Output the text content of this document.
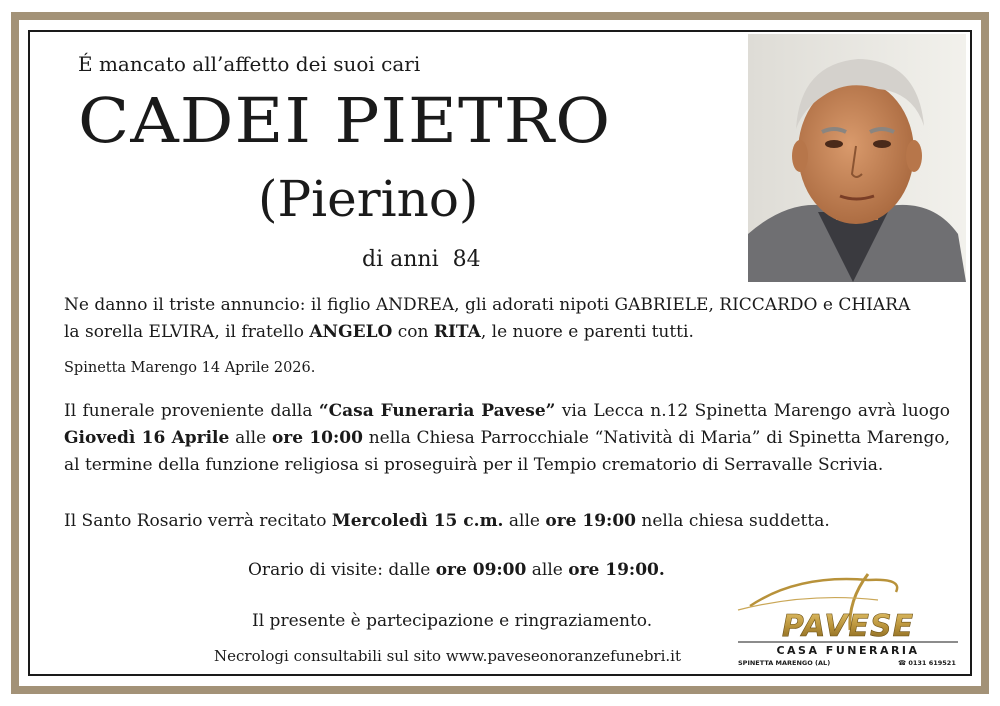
É mancato all’affetto dei suoi cari
CADEI PIETRO
(Pierino)
di anni 84
Ne danno il triste annuncio: il figlio ANDREA, gli adorati nipoti GABRIELE, RICCARDO e CHIARA
la sorella ELVIRA, il fratello ANGELO con RITA, le nuore e parenti tutti.
Spinetta Marengo 14 Aprile 2026.
Il funerale proveniente dalla “Casa Funeraria Pavese” via Lecca n.12 Spinetta Marengo avrà luogo Giovedì 16 Aprile alle ore 10:00 nella Chiesa Parrocchiale “Natività di Maria” di Spinetta Marengo, al termine della funzione religiosa si proseguirà per il Tempio crematorio di Serravalle Scrivia.
Il Santo Rosario verrà recitato Mercoledì 15 c.m. alle ore 19:00 nella chiesa suddetta.
Orario di visite: dalle ore 09:00 alle ore 19:00.
Il presente è partecipazione e ringraziamento.
Necrologi consultabili sul sito www.paveseonoranzefunebri.it
PAVESE
CASA FUNERARIA
SPINETTA MARENGO (AL)	☎ 0131 619521
